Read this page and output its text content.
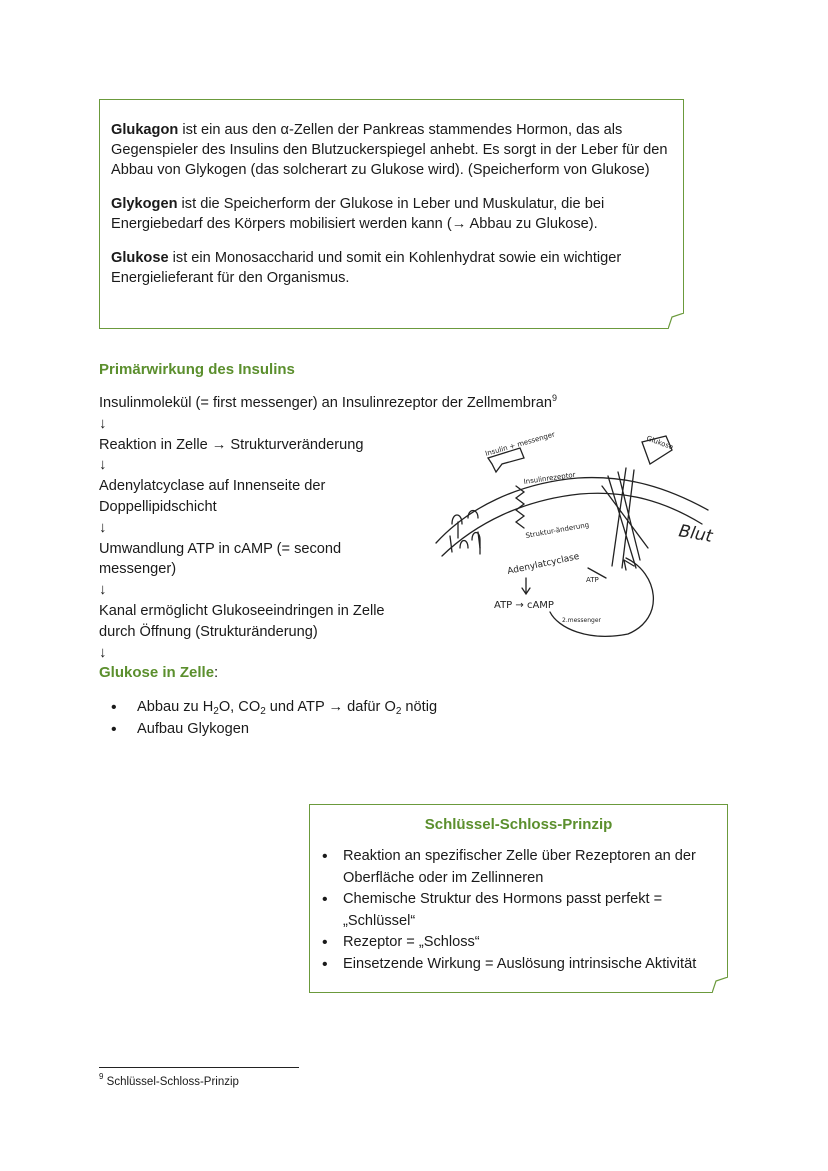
Glukagon ist ein aus den α-Zellen der Pankreas stammendes Hormon, das als Gegenspieler des Insulins den Blutzuckerspiegel anhebt. Es sorgt in der Leber für den Abbau von Glykogen (das solcherart zu Glukose wird). (Speicherform von Glukose)

Glykogen ist die Speicherform der Glukose in Leber und Muskulatur, die bei Energiebedarf des Körpers mobilisiert werden kann (→ Abbau zu Glukose).

Glukose ist ein Monosaccharid und somit ein Kohlenhydrat sowie ein wichtiger Energielieferant für den Organismus.

Primärwirkung des Insulins
Insulinmolekül (= first messenger) an Insulinrezeptor der Zellmembran$^9$
↓
Reaktion in Zelle → Strukturveränderung
↓
Adenylatcyclase auf Innenseite der
Doppellipidschicht
↓
Umwandlung ATP in cAMP (= second
messenger)
↓
Kanal ermöglicht Glukoseeindringen in Zelle
durch Öffnung (Strukturänderung)
↓
Glukose in Zelle:
• Abbau zu $H_2O$, $CO_2$ und ATP → dafür $O_2$ nötig
• Aufbau Glykogen
Insulin + messenger	Glukose
Insulinrezeptor
Struktur-änderung
Adenylatcyclase
ATP
ATP → cAMP
2.messenger
Blut
Schlüssel-Schloss-Prinzip
• Reaktion an spezifischer Zelle über Rezeptoren an der Oberfläche oder im Zellinneren
• Chemische Struktur des Hormons passt perfekt = „Schlüssel“
• Rezeptor = „Schloss“
• Einsetzende Wirkung = Auslösung intrinsische Aktivität
$^9$ Schlüssel-Schloss-Prinzip
